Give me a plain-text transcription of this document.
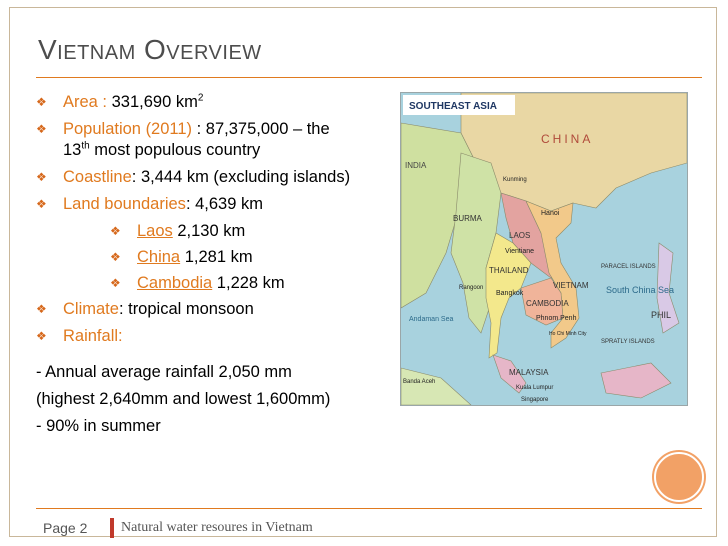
Vietnam Overview
❖ Area : 331,690 $km^2$
❖ Population (2011) : 87,375,000 – the
13th most populous country
❖ Coastline: 3,444 km (excluding islands)
❖ Land boundaries: 4,639 km
❖ Laos 2,130 km
❖ China 1,281 km
❖ Cambodia 1,228 km
❖ Climate: tropical monsoon
❖ Rainfall:
- Annual average rainfall 2,050 mm
(highest 2,640mm and lowest 1,600mm)
- 90% in summer
SOUTHEAST ASIA
CHINA
INDIA
BURMA
LAOS
THAILAND
CAMBODIA
VIETNAM
MALAYSIA
South China Sea
Hanoi
Bangkok
Vientiane
Phnom Penh
SPRATLY ISLANDS
PARACEL ISLANDS
PHIL
Andaman Sea
Kuala Lumpur
Singapore
Banda Aceh
Kunming
Rangoon
Ho Chi Minh City
Page 2 Natural water resoures in Vietnam
